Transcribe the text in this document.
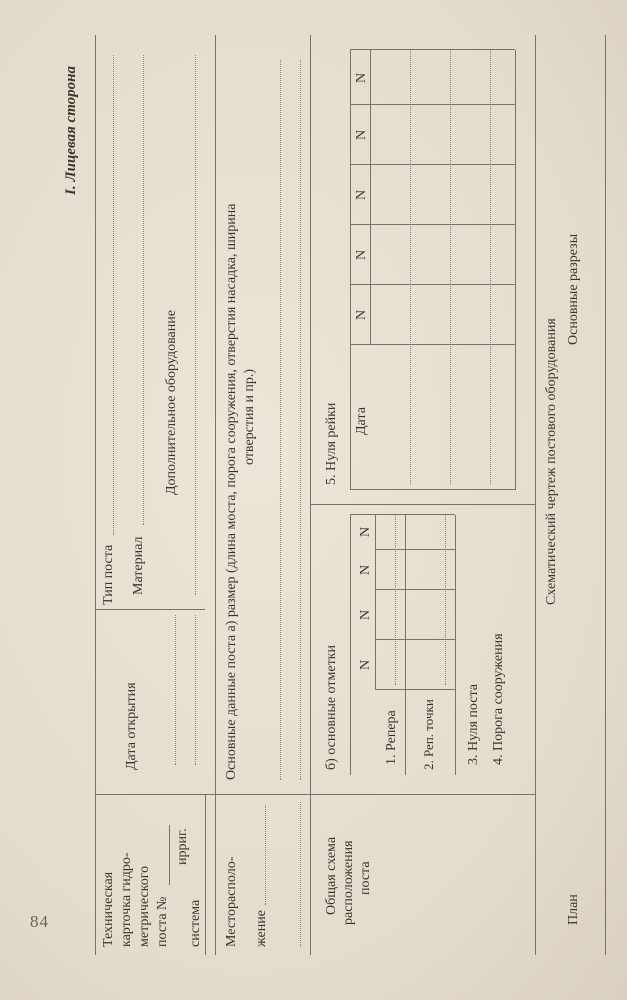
84
I. Лицевая сторона
Техническая карточка гидро- метрического поста №
ирриг.
система
Дата открытия
Тип поста Материал
Дополнительное оборудование
Месторасполо- жение
Основные данные поста а) размер (длина моста, порога сооружения, отверстия насадка, ширина отверстия и пр.)
Общая схема расположения поста
б) основные отметки N
N
N
N
1. Репера 2. Реп. точки 3. Нуля поста 4. Порога сооружения
5. Нуля рейки Дата
N
N
N
N
N
Схематический чертеж постового оборудования
План
Основные разрезы
